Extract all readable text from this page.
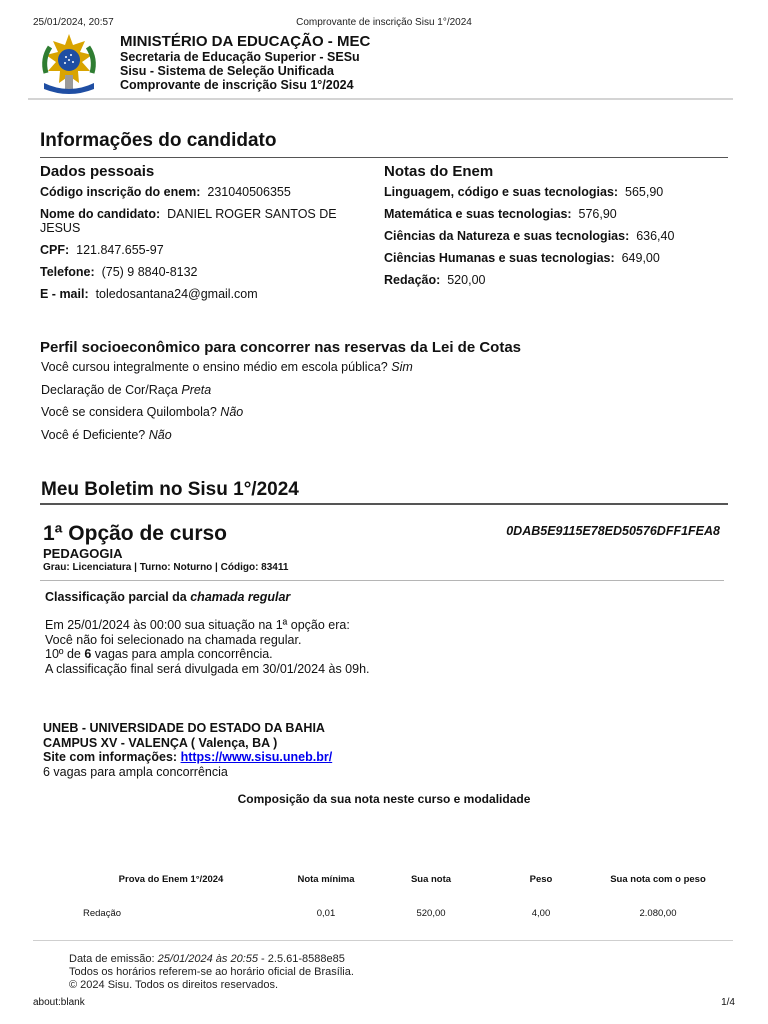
25/01/2024, 20:57	Comprovante de inscrição Sisu 1°/2024
MINISTÉRIO DA EDUCAÇÃO - MEC
Secretaria de Educação Superior - SESu
Sisu - Sistema de Seleção Unificada
Comprovante de inscrição Sisu 1°/2024
Informações do candidato
Dados pessoais
Código inscrição do enem: 231040506355
Nome do candidato: DANIEL ROGER SANTOS DE JESUS
CPF: 121.847.655-97
Telefone: (75) 9 8840-8132
E - mail: toledosantana24@gmail.com
Notas do Enem
Linguagem, código e suas tecnologias: 565,90
Matemática e suas tecnologias: 576,90
Ciências da Natureza e suas tecnologias: 636,40
Ciências Humanas e suas tecnologias: 649,00
Redação: 520,00
Perfil socioeconômico para concorrer nas reservas da Lei de Cotas
Você cursou integralmente o ensino médio em escola pública? Sim
Declaração de Cor/Raça Preta
Você se considera Quilombola? Não
Você é Deficiente? Não
Meu Boletim no Sisu 1°/2024
1ª Opção de curso	0DAB5E9115E78ED50576DFF1FEA8
PEDAGOGIA
Grau: Licenciatura | Turno: Noturno | Código: 83411
Classificação parcial da chamada regular
Em 25/01/2024 às 00:00 sua situação na 1ª opção era:
Você não foi selecionado na chamada regular.
10º de 6 vagas para ampla concorrência.
A classificação final será divulgada em 30/01/2024 às 09h.
UNEB - UNIVERSIDADE DO ESTADO DA BAHIA
CAMPUS XV - VALENÇA ( Valença, BA )
Site com informações: https://www.sisu.uneb.br/
6 vagas para ampla concorrência
Composição da sua nota neste curso e modalidade
Prova do Enem 1°/2024	Nota mínima	Sua nota	Peso	Sua nota com o peso
Redação	0,01	520,00	4,00	2.080,00
Data de emissão: 25/01/2024 às 20:55 - 2.5.61-8588e85
Todos os horários referem-se ao horário oficial de Brasília.
© 2024 Sisu. Todos os direitos reservados.
about:blank	1/4
